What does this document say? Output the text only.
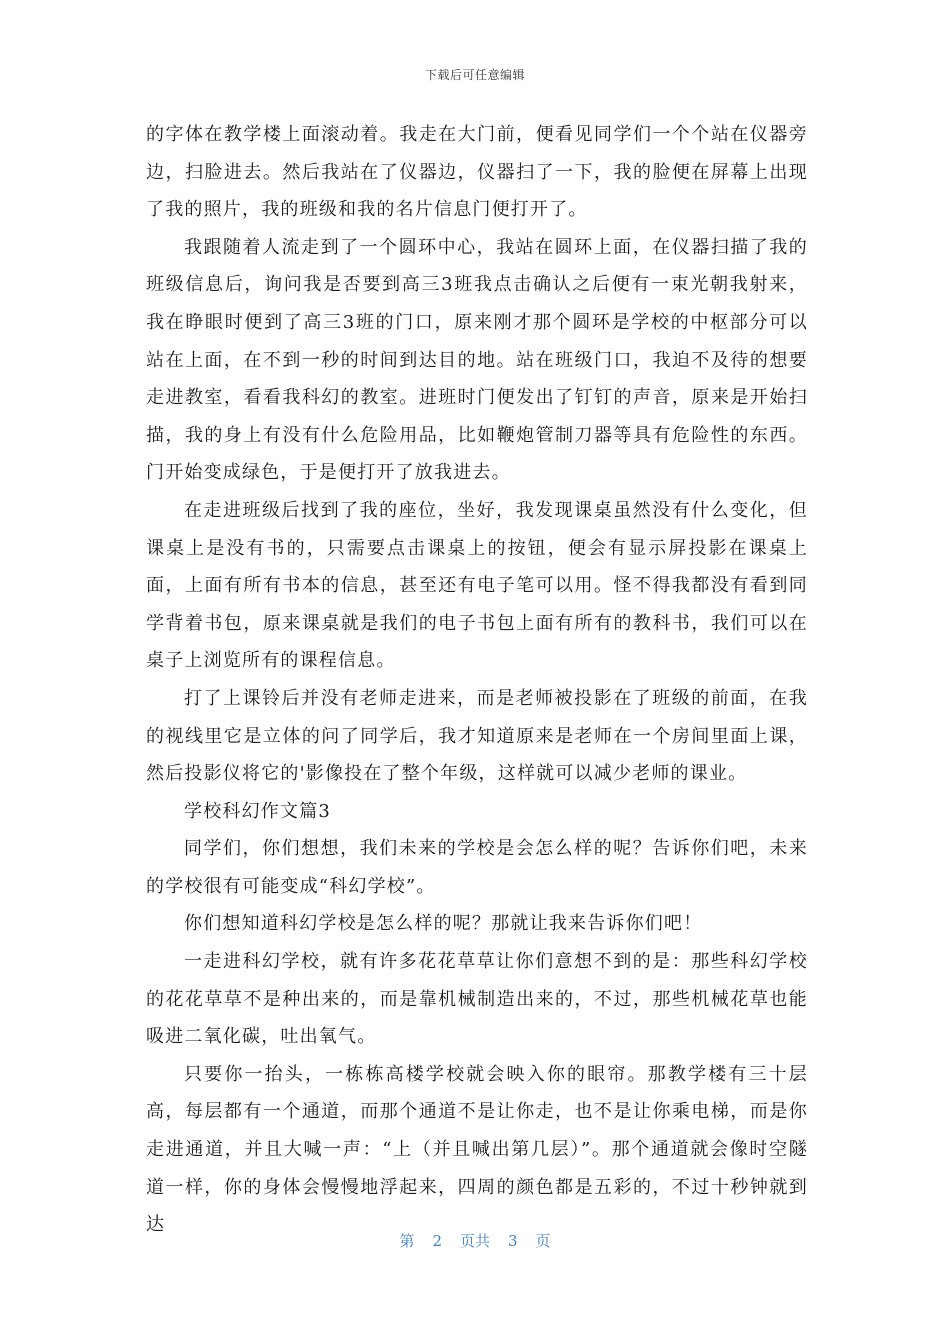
下载后可任意编辑

的字体在教学楼上面滚动着。我走在大门前，便看见同学们一个个站在仪器旁边，扫脸进去。然后我站在了仪器边，仪器扫了一下，我的脸便在屏幕上出现了我的照片，我的班级和我的名片信息门便打开了。

我跟随着人流走到了一个圆环中心，我站在圆环上面，在仪器扫描了我的班级信息后，询问我是否要到高三3班我点击确认之后便有一束光朝我射来，我在睁眼时便到了高三3班的门口，原来刚才那个圆环是学校的中枢部分可以站在上面，在不到一秒的时间到达目的地。站在班级门口，我迫不及待的想要走进教室，看看我科幻的教室。进班时门便发出了钉钉的声音，原来是开始扫描，我的身上有没有什么危险用品，比如鞭炮管制刀器等具有危险性的东西。门开始变成绿色，于是便打开了放我进去。

在走进班级后找到了我的座位，坐好，我发现课桌虽然没有什么变化，但课桌上是没有书的，只需要点击课桌上的按钮，便会有显示屏投影在课桌上面，上面有所有书本的信息，甚至还有电子笔可以用。怪不得我都没有看到同学背着书包，原来课桌就是我们的电子书包上面有所有的教科书，我们可以在桌子上浏览所有的课程信息。

打了上课铃后并没有老师走进来，而是老师被投影在了班级的前面，在我的视线里它是立体的问了同学后，我才知道原来是老师在一个房间里面上课，然后投影仪将它的'影像投在了整个年级，这样就可以减少老师的课业。

学校科幻作文篇3

同学们，你们想想，我们未来的学校是会怎么样的呢？告诉你们吧，未来的学校很有可能变成“科幻学校”。

你们想知道科幻学校是怎么样的呢？那就让我来告诉你们吧！

一走进科幻学校，就有许多花花草草让你们意想不到的是：那些科幻学校的花花草草不是种出来的，而是靠机械制造出来的，不过，那些机械花草也能吸进二氧化碳，吐出氧气。

只要你一抬头，一栋栋高楼学校就会映入你的眼帘。那教学楼有三十层高，每层都有一个通道，而那个通道不是让你走，也不是让你乘电梯，而是你走进通道，并且大喊一声：“上（并且喊出第几层）”。那个通道就会像时空隧道一样，你的身体会慢慢地浮起来，四周的颜色都是五彩的，不过十秒钟就到达

第 2 页共 3 页
